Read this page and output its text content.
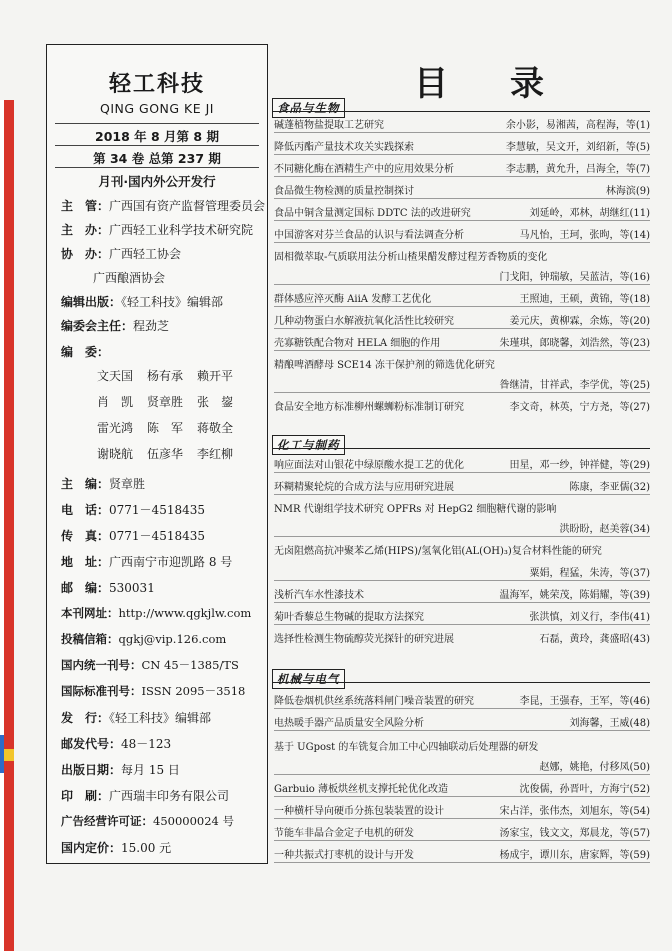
轻工科技
QING GONG KE JI
2018 年 8 月第 8 期
第 34 卷 总第 237 期
月刊·国内外公开发行
主　管：广西国有资产监督管理委员会
主　办：广西轻工业科学技术研究院
协　办：广西轻工协会
广西酿酒协会
编辑出版：《轻工科技》编辑部
编委会主任：程劲芝
编　委：
文天国 杨有承 赖开平
肖　凯 贤章胜 张　鋆
雷光鸿 陈　军 蒋敬全
谢晓航 伍彦华 李红柳
主　编：贤章胜
电　话：0771－4518435
传　真：0771－4518435
地　址：广西南宁市迎凯路 8 号
邮　编：530031
本刊网址：http://www.qgkjlw.com
投稿信箱：qgkj@vip.126.com
国内统一刊号：CN 45－1385/TS
国际标准刊号：ISSN 2095－3518
发　行：《轻工科技》编辑部
邮发代号：48－123
出版日期：每月 15 日
印　刷：广西瑞丰印务有限公司
广告经营许可证：450000024 号
国内定价：15.00 元
目　录
食品与生物
碱蓬植物盐提取工艺研究	余小影，易湘茜，高程海，等(1)
降低丙酯产量技术攻关实践探索	李慧敏，吴文开，刘绍新，等(5)
不同糖化酶在酒精生产中的应用效果分析	李志鹏，黄允升，吕海全，等(7)
食品微生物检测的质量控制探讨	林海滨(9)
食品中铜含量测定国标 DDTC 法的改进研究	刘延岭，邓林，胡继红(11)
中国游客对芬兰食品的认识与看法调查分析	马凡怡，王珂，张昫，等(14)
固相微萃取-气质联用法分析山楂果醋发酵过程芳香物质的变化
门戈阳，钟瑞敏，吴蓝洁，等(16)
群体感应淬灭酶 AiiA 发酵工艺优化	王照迪，王硕，黄锦，等(18)
几种动物蛋白水解液抗氧化活性比较研究	姜元庆，黄柳霖，余炼，等(20)
壳寡糖铁配合物对 HELA 细胞的作用	朱瑾琪，郎晓馨，刘浩然，等(23)
精酿啤酒酵母 SCE14 冻干保护剂的筛选优化研究
昝继清，甘祥武，李学优，等(25)
食品安全地方标准柳州螺蛳粉标准制订研究	李文奇，林英，宁方尧，等(27)
化工与制药
响应面法对山银花中绿原酸水提工艺的优化	田星，邓一纱，钟祥健，等(29)
环糊精聚轮烷的合成方法与应用研究进展	陈康，李亚儒(32)
NMR 代谢组学技术研究 OPFRs 对 HepG2 细胞糖代谢的影响
洪盼盼，赵美蓉(34)
无卤阻燃高抗冲聚苯乙烯(HIPS)/氢氧化铝(AL(OH)₃)复合材料性能的研究
粟娟，程猛，朱涛，等(37)
浅析汽车水性漆技术	温海军，姚荣茂，陈娟耀，等(39)
菊叶香藜总生物碱的提取方法探究	张洪慎，刘义行，李伟(41)
选择性检测生物硫醇荧光探针的研究进展	石磊，黄玲，龚盛昭(43)
机械与电气
降低卷烟机供丝系统落料闸门噪音装置的研究	李昆，王强春，王军，等(46)
电热暖手器产品质量安全风险分析	刘海馨，王威(48)
基于 UGpost 的车铣复合加工中心四轴联动后处理器的研发
赵娜，姚艳，付移凤(50)
Garbuio 薄板烘丝机支撑托轮优化改造	沈俊儒，孙晋叶，方海宁(52)
一种横杆导向硬币分拣包装装置的设计	宋占洋，张伟杰，刘旭东，等(54)
节能车非晶合金定子电机的研发	汤家宝，钱文文，郑晨龙，等(57)
一种共振式打枣机的设计与开发	杨成宇，谭川东，唐家辉，等(59)
